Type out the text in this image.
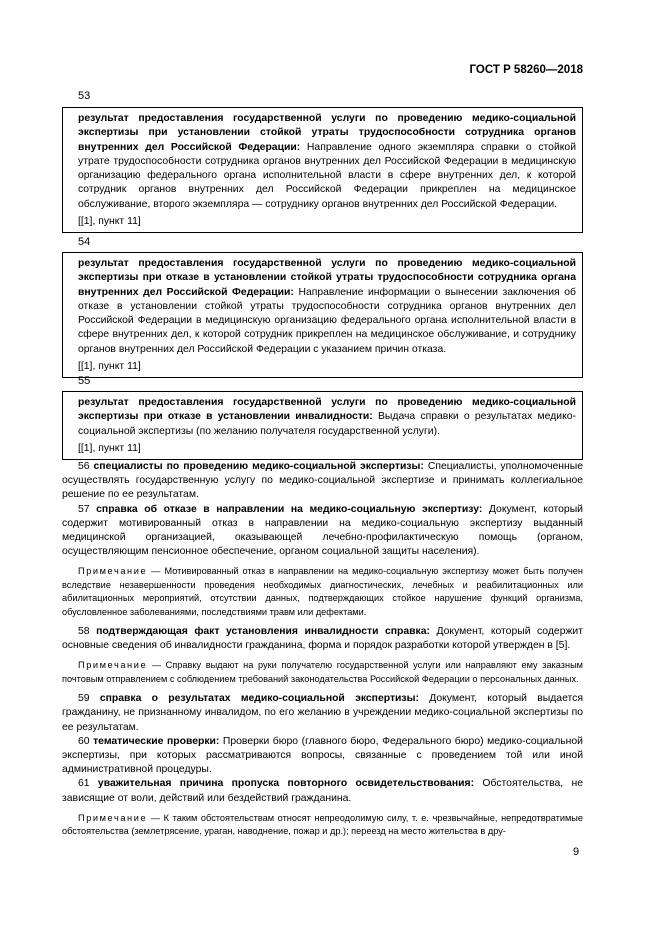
ГОСТ Р 58260—2018
53
результат предоставления государственной услуги по проведению медико-социальной экспертизы при установлении стойкой утраты трудоспособности сотрудника органов внутренних дел Российской Федерации: Направление одного экземпляра справки о стойкой утрате трудоспособности сотрудника органов внутренних дел Российской Федерации в медицинскую организацию федерального органа исполнительной власти в сфере внутренних дел, к которой сотрудник органов внутренних дел Российской Федерации прикреплен на медицинское обслуживание, второго экземпляра — сотруднику органов внутренних дел Российской Федерации.
[[1], пункт 11]
54
результат предоставления государственной услуги по проведению медико-социальной экспертизы при отказе в установлении стойкой утраты трудоспособности сотрудника органа внутренних дел Российской Федерации: Направление информации о вынесении заключения об отказе в установлении стойкой утраты трудоспособности сотрудника органов внутренних дел Российской Федерации в медицинскую организацию федерального органа исполнительной власти в сфере внутренних дел, к которой сотрудник прикреплен на медицинское обслуживание, и сотруднику органов внутренних дел Российской Федерации с указанием причин отказа.
[[1], пункт 11]
55
результат предоставления государственной услуги по проведению медико-социальной экспертизы при отказе в установлении инвалидности: Выдача справки о результатах медико-социальной экспертизы (по желанию получателя государственной услуги).
[[1], пункт 11]

56 специалисты по проведению медико-социальной экспертизы: Специалисты, уполномоченные осуществлять государственную услугу по медико-социальной экспертизе и принимать коллегиальное решение по ее результатам.

57 справка об отказе в направлении на медико-социальную экспертизу: Документ, который содержит мотивированный отказ в направлении на медико-социальную экспертизу выданный медицинской организацией, оказывающей лечебно-профилактическую помощь (органом, осуществляющим пенсионное обеспечение, органом социальной защиты населения).

Примечание — Мотивированный отказ в направлении на медико-социальную экспертизу может быть получен вследствие незавершенности проведения необходимых диагностических, лечебных и реабилитационных или абилитационных мероприятий, отсутствии данных, подтверждающих стойкое нарушение функций организма, обусловленное заболеваниями, последствиями травм или дефектами.

58 подтверждающая факт установления инвалидности справка: Документ, который содержит основные сведения об инвалидности гражданина, форма и порядок разработки которой утвержден в [5].

Примечание — Справку выдают на руки получателю государственной услуги или направляют ему заказным почтовым отправлением с соблюдением требований законодательства Российской Федерации о персональных данных.

59 справка о результатах медико-социальной экспертизы: Документ, который выдается гражданину, не признанному инвалидом, по его желанию в учреждении медико-социальной экспертизы по ее результатам.

60 тематические проверки: Проверки бюро (главного бюро, Федерального бюро) медико-социальной экспертизы, при которых рассматриваются вопросы, связанные с проведением той или иной административной процедуры.

61 уважительная причина пропуска повторного освидетельствования: Обстоятельства, не зависящие от воли, действий или бездействий гражданина.

Примечание — К таким обстоятельствам относят непреодолимую силу, т. е. чрезвычайные, непредотвратимые обстоятельства (землетрясение, ураган, наводнение, пожар и др.); переезд на место жительства в дру-

9
